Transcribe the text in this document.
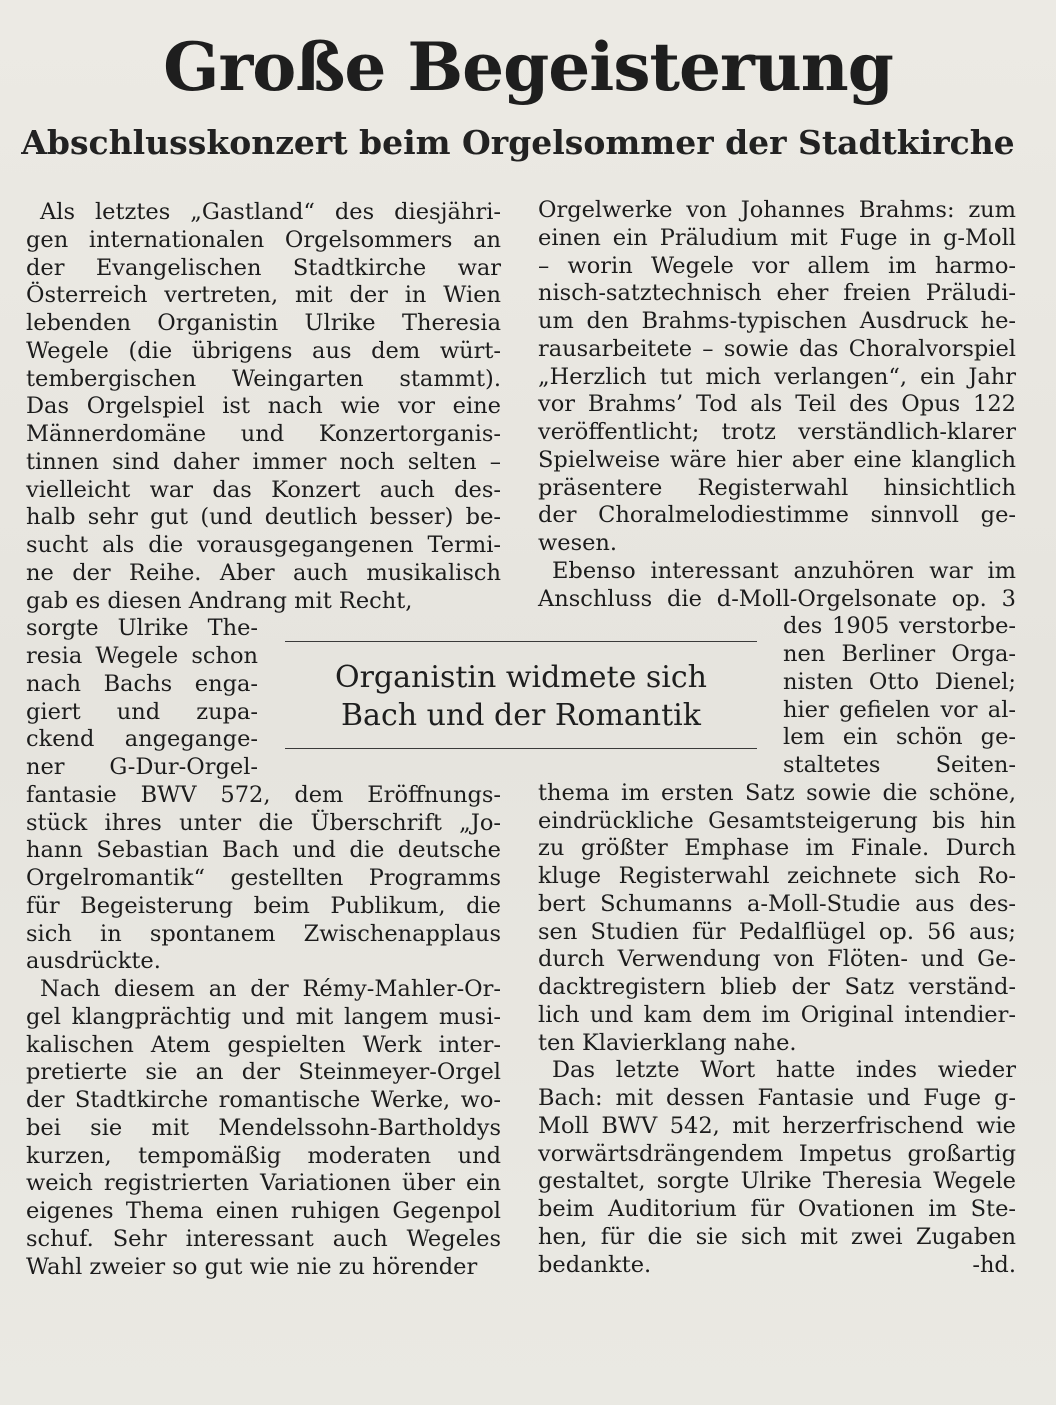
Große Begeisterung
Abschlusskonzert beim Orgelsommer der Stadtkirche
Als letztes „Gastland“ des diesjähri-
gen internationalen Orgelsommers an
der Evangelischen Stadtkirche war
Österreich vertreten, mit der in Wien
lebenden Organistin Ulrike Theresia
Wegele (die übrigens aus dem würt-
tembergischen Weingarten stammt).
Das Orgelspiel ist nach wie vor eine
Männerdomäne und Konzertorganis-
tinnen sind daher immer noch selten –
vielleicht war das Konzert auch des-
halb sehr gut (und deutlich besser) be-
sucht als die vorausgegangenen Termi-
ne der Reihe. Aber auch musikalisch
gab es diesen Andrang mit Recht,
sorgte Ulrike The-
resia Wegele schon
nach Bachs enga-
giert und zupa-
ckend angegange-
ner G-Dur-Orgel-
fantasie BWV 572, dem Eröffnungs-
stück ihres unter die Überschrift „Jo-
hann Sebastian Bach und die deutsche
Orgelromantik“ gestellten Programms
für Begeisterung beim Publikum, die
sich in spontanem Zwischenapplaus
ausdrückte.
Nach diesem an der Rémy-Mahler-Or-
gel klangprächtig und mit langem musi-
kalischen Atem gespielten Werk inter-
pretierte sie an der Steinmeyer-Orgel
der Stadtkirche romantische Werke, wo-
bei sie mit Mendelssohn-Bartholdys
kurzen, tempomäßig moderaten und
weich registrierten Variationen über ein
eigenes Thema einen ruhigen Gegenpol
schuf. Sehr interessant auch Wegeles
Wahl zweier so gut wie nie zu hörender
Orgelwerke von Johannes Brahms: zum
einen ein Präludium mit Fuge in g-Moll
– worin Wegele vor allem im harmo-
nisch-satztechnisch eher freien Präludi-
um den Brahms-typischen Ausdruck he-
rausarbeitete – sowie das Choralvorspiel
„Herzlich tut mich verlangen“, ein Jahr
vor Brahms’ Tod als Teil des Opus 122
veröffentlicht; trotz verständlich-klarer
Spielweise wäre hier aber eine klanglich
präsentere Registerwahl hinsichtlich
der Choralmelodiestimme sinnvoll ge-
wesen.
Ebenso interessant anzuhören war im
Anschluss die d-Moll-Orgelsonate op. 3
des 1905 verstorbe-
nen Berliner Orga-
nisten Otto Dienel;
hier gefielen vor al-
lem ein schön ge-
staltetes Seiten-
thema im ersten Satz sowie die schöne,
eindrückliche Gesamtsteigerung bis hin
zu größter Emphase im Finale. Durch
kluge Registerwahl zeichnete sich Ro-
bert Schumanns a-Moll-Studie aus des-
sen Studien für Pedalflügel op. 56 aus;
durch Verwendung von Flöten- und Ge-
dacktregistern blieb der Satz verständ-
lich und kam dem im Original intendier-
ten Klavierklang nahe.
Das letzte Wort hatte indes wieder
Bach: mit dessen Fantasie und Fuge g-
Moll BWV 542, mit herzerfrischend wie
vorwärtsdrängendem Impetus großartig
gestaltet, sorgte Ulrike Theresia Wegele
beim Auditorium für Ovationen im Ste-
hen, für die sie sich mit zwei Zugaben
bedankte.	-hd.
Organistin widmete sich
Bach und der Romantik
